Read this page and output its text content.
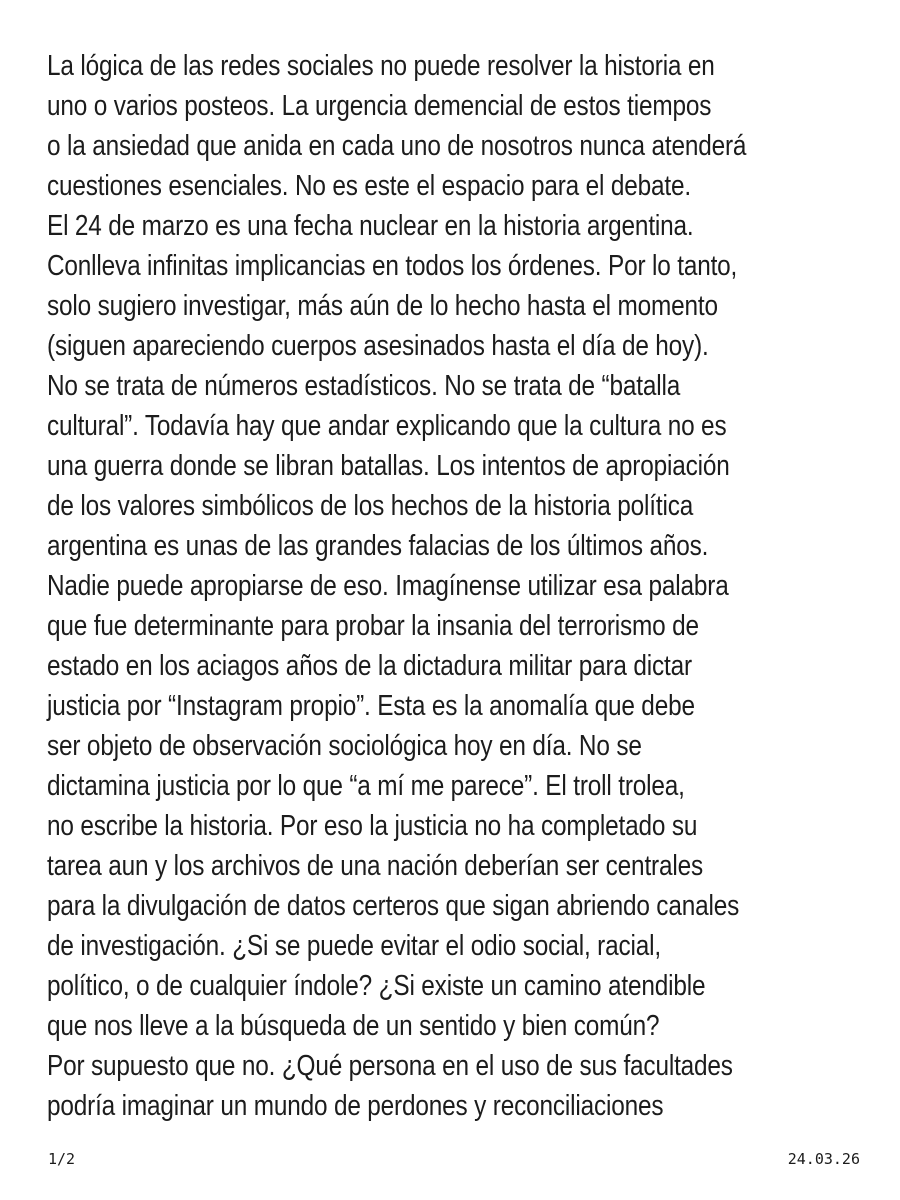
La lógica de las redes sociales no puede resolver la historia en
uno o varios posteos. La urgencia demencial de estos tiempos
o la ansiedad que anida en cada uno de nosotros nunca atenderá
cuestiones esenciales. No es este el espacio para el debate.
El 24 de marzo es una fecha nuclear en la historia argentina.
Conlleva infinitas implicancias en todos los órdenes. Por lo tanto,
solo sugiero investigar, más aún de lo hecho hasta el momento
(siguen apareciendo cuerpos asesinados hasta el día de hoy).
No se trata de números estadísticos. No se trata de “batalla
cultural”. Todavía hay que andar explicando que la cultura no es
una guerra donde se libran batallas. Los intentos de apropiación
de los valores simbólicos de los hechos de la historia política
argentina es unas de las grandes falacias de los últimos años.
Nadie puede apropiarse de eso. Imagínense utilizar esa palabra
que fue determinante para probar la insania del terrorismo de
estado en los aciagos años de la dictadura militar para dictar
justicia por “Instagram propio”. Esta es la anomalía que debe
ser objeto de observación sociológica hoy en día. No se
dictamina justicia por lo que “a mí me parece”. El troll trolea,
no escribe la historia. Por eso la justicia no ha completado su
tarea aun y los archivos de una nación deberían ser centrales
para la divulgación de datos certeros que sigan abriendo canales
de investigación. ¿Si se puede evitar el odio social, racial,
político, o de cualquier índole? ¿Si existe un camino atendible
que nos lleve a la búsqueda de un sentido y bien común?
Por supuesto que no. ¿Qué persona en el uso de sus facultades
podría imaginar un mundo de perdones y reconciliaciones
1/2	24.03.26
